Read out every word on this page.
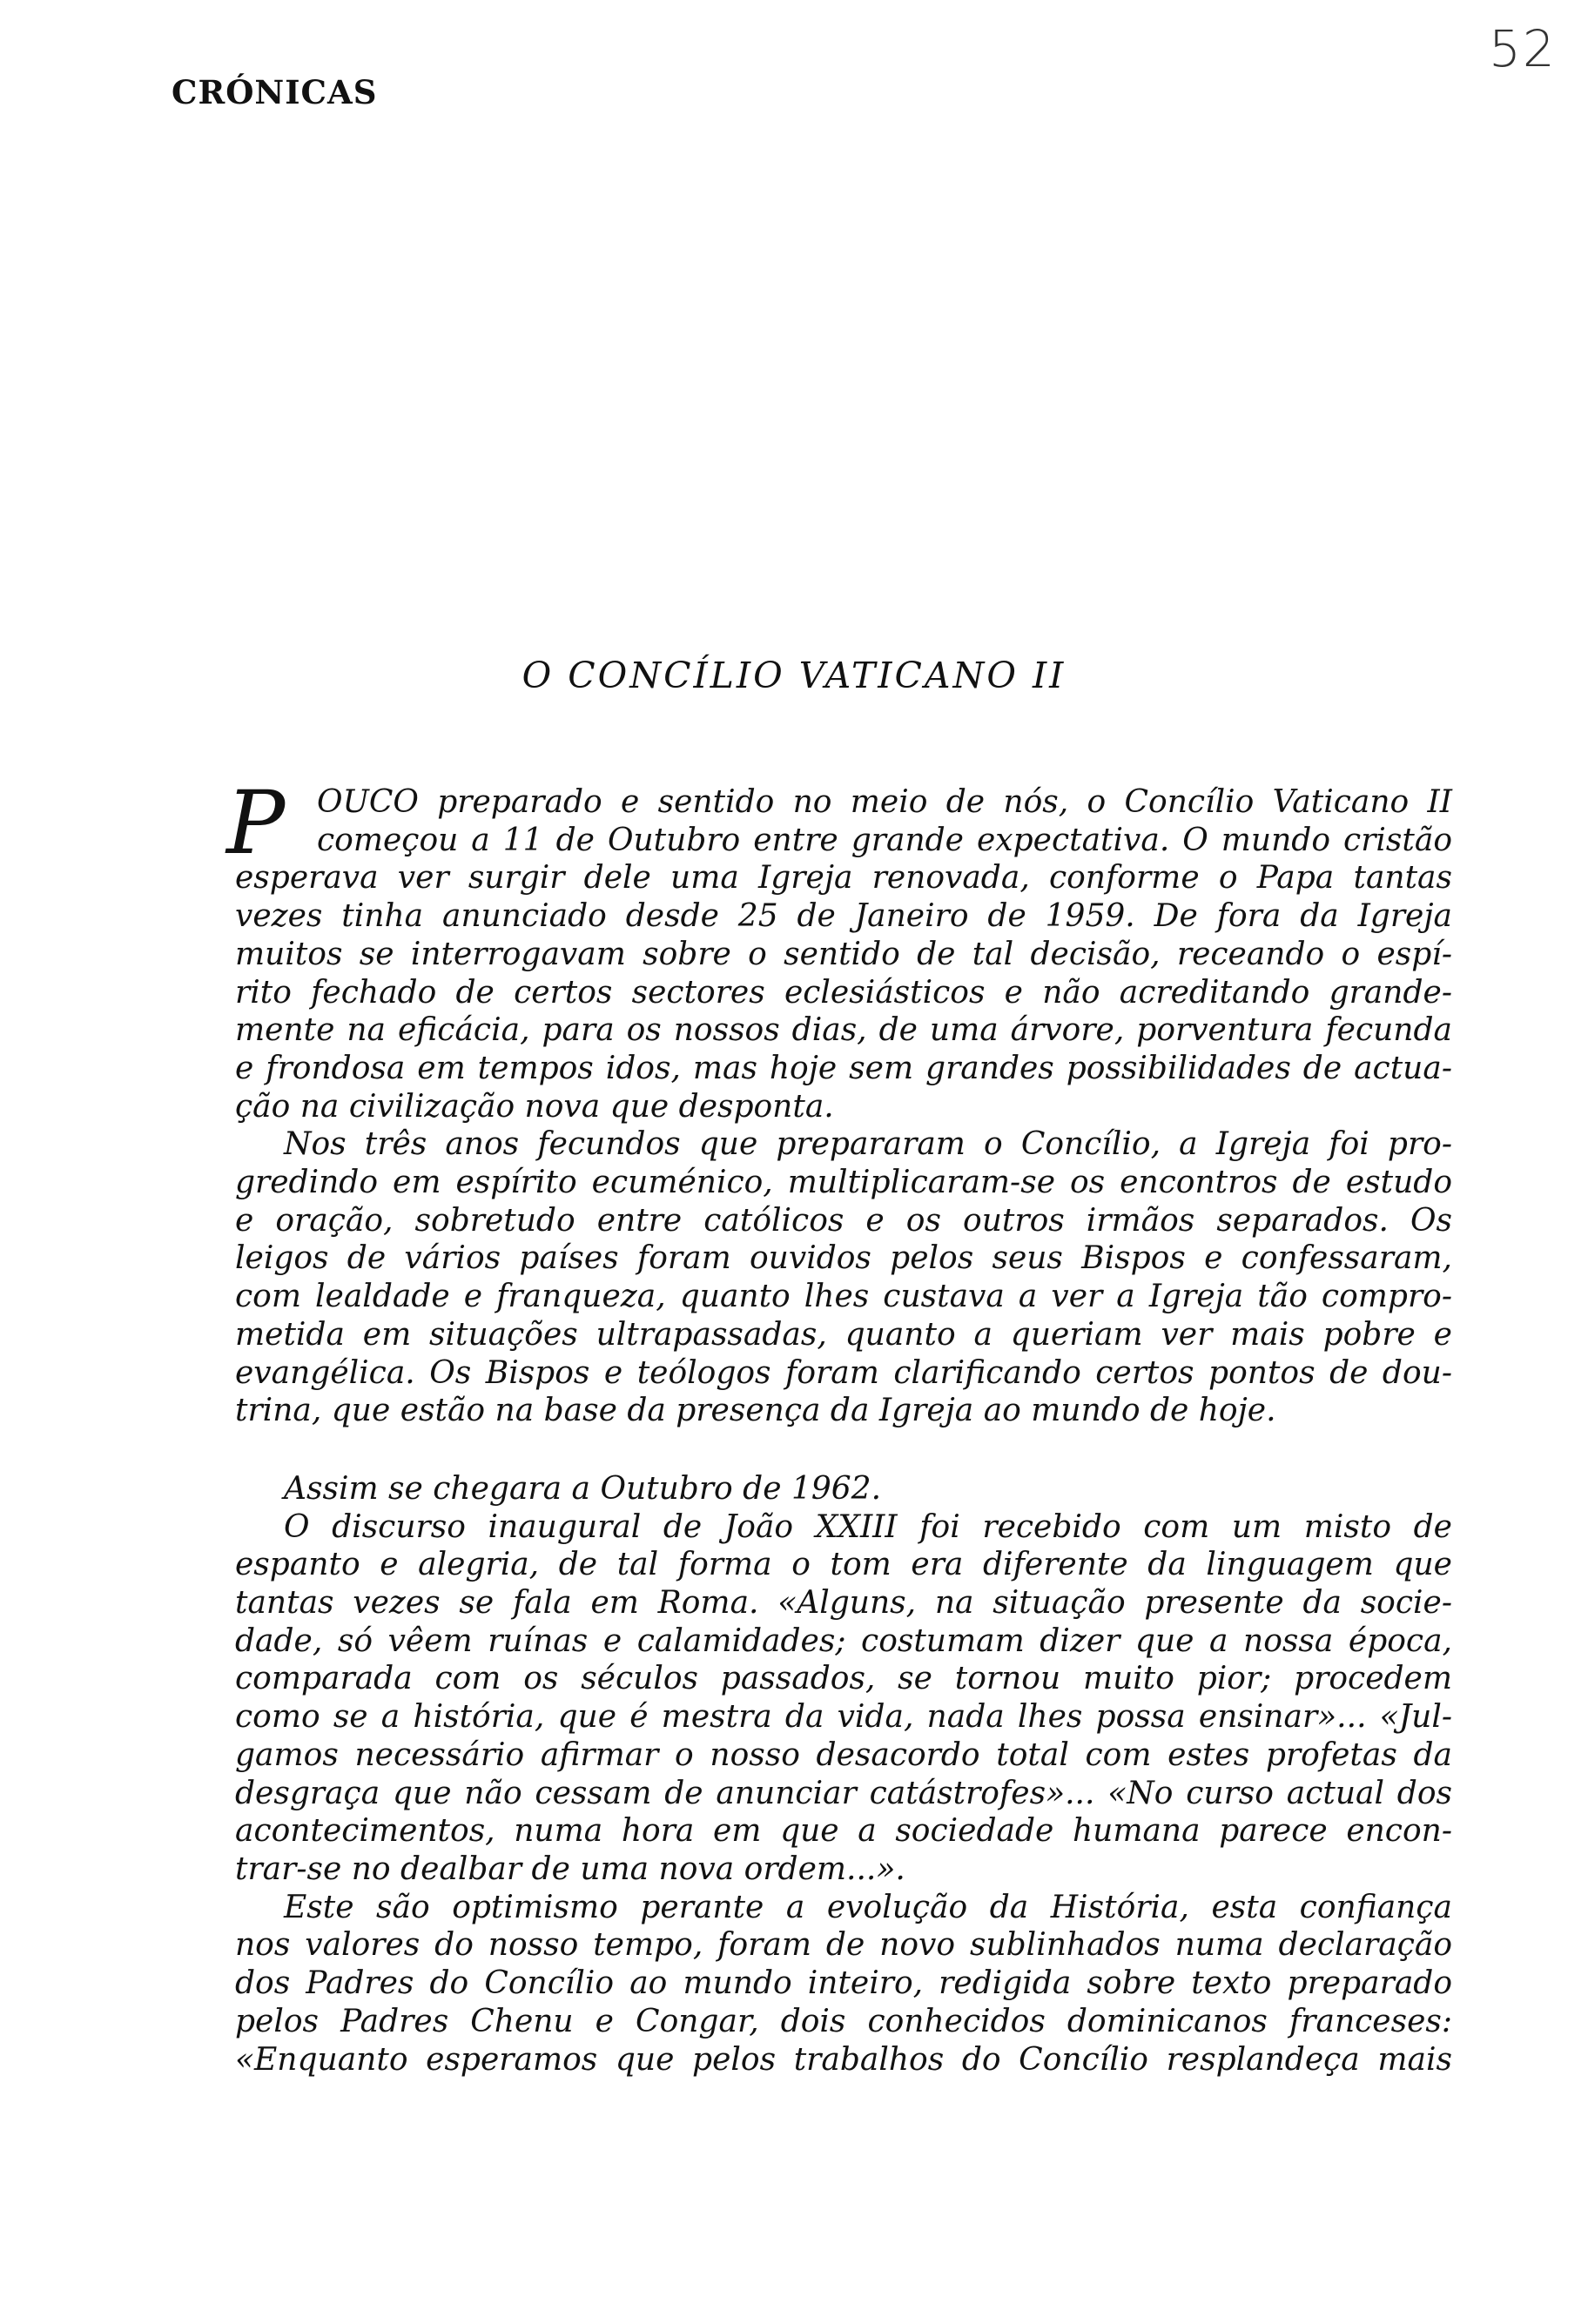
52
CRÓNICAS
O CONCÍLIO VATICANO II
P	OUCO preparado e sentido no meio de nós, o Concílio Vaticano II
começou a 11 de Outubro entre grande expectativa. O mundo cristão
esperava ver surgir dele uma Igreja renovada, conforme o Papa tantas
vezes tinha anunciado desde 25 de Janeiro de 1959. De fora da Igreja
muitos se interrogavam sobre o sentido de tal decisão, receando o espí-
rito fechado de certos sectores eclesiásticos e não acreditando grande-
mente na eficácia, para os nossos dias, de uma árvore, porventura fecunda
e frondosa em tempos idos, mas hoje sem grandes possibilidades de actua-
ção na civilização nova que desponta.
Nos três anos fecundos que prepararam o Concílio, a Igreja foi pro-
gredindo em espírito ecuménico, multiplicaram-se os encontros de estudo
e oração, sobretudo entre católicos e os outros irmãos separados. Os
leigos de vários países foram ouvidos pelos seus Bispos e confessaram,
com lealdade e franqueza, quanto lhes custava a ver a Igreja tão compro-
metida em situações ultrapassadas, quanto a queriam ver mais pobre e
evangélica. Os Bispos e teólogos foram clarificando certos pontos de dou-
trina, que estão na base da presença da Igreja ao mundo de hoje.
Assim se chegara a Outubro de 1962.
O discurso inaugural de João XXIII foi recebido com um misto de
espanto e alegria, de tal forma o tom era diferente da linguagem que
tantas vezes se fala em Roma. «Alguns, na situação presente da socie-
dade, só vêem ruínas e calamidades; costumam dizer que a nossa época,
comparada com os séculos passados, se tornou muito pior; procedem
como se a história, que é mestra da vida, nada lhes possa ensinar»... «Jul-
gamos necessário afirmar o nosso desacordo total com estes profetas da
desgraça que não cessam de anunciar catástrofes»... «No curso actual dos
acontecimentos, numa hora em que a sociedade humana parece encon-
trar-se no dealbar de uma nova ordem...».
Este são optimismo perante a evolução da História, esta confiança
nos valores do nosso tempo, foram de novo sublinhados numa declaração
dos Padres do Concílio ao mundo inteiro, redigida sobre texto preparado
pelos Padres Chenu e Congar, dois conhecidos dominicanos franceses:
«Enquanto esperamos que pelos trabalhos do Concílio resplandeça mais
